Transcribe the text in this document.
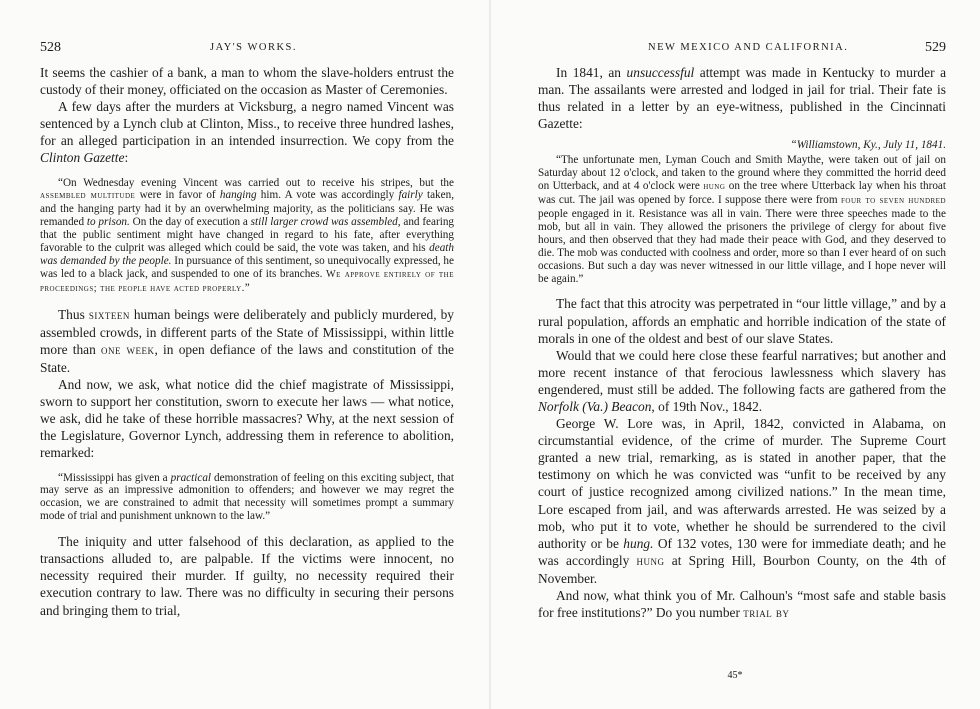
528	JAY'S WORKS.

It seems the cashier of a bank, a man to whom the slave-holders entrust the custody of their money, officiated on the occasion as Master of Ceremonies.

A few days after the murders at Vicksburg, a negro named Vincent was sentenced by a Lynch club at Clinton, Miss., to receive three hundred lashes, for an alleged participation in an intended insurrection. We copy from the Clinton Gazette:

“On Wednesday evening Vincent was carried out to receive his stripes, but the assembled multitude were in favor of hanging him. A vote was accordingly fairly taken, and the hanging party had it by an overwhelming majority, as the politicians say. He was remanded to prison. On the day of execution a still larger crowd was assembled, and fearing that the public sentiment might have changed in regard to his fate, after everything favorable to the culprit was alleged which could be said, the vote was taken, and his death was demanded by the people. In pursuance of this sentiment, so unequivocally expressed, he was led to a black jack, and suspended to one of its branches. We approve entirely of the proceedings; the people have acted properly.”

Thus sixteen human beings were deliberately and publicly murdered, by assembled crowds, in different parts of the State of Mississippi, within little more than one week, in open defiance of the laws and constitution of the State.

And now, we ask, what notice did the chief magistrate of Mississippi, sworn to support her constitution, sworn to execute her laws — what notice, we ask, did he take of these horrible massacres? Why, at the next session of the Legislature, Governor Lynch, addressing them in reference to abolition, remarked:

“Mississippi has given a practical demonstration of feeling on this exciting subject, that may serve as an impressive admonition to offenders; and however we may regret the occasion, we are constrained to admit that necessity will sometimes prompt a summary mode of trial and punishment unknown to the law.”

The iniquity and utter falsehood of this declaration, as applied to the transactions alluded to, are palpable. If the victims were innocent, no necessity required their murder. If guilty, no necessity required their execution contrary to law. There was no difficulty in securing their persons and bringing them to trial,

NEW MEXICO AND CALIFORNIA.	529

In 1841, an unsuccessful attempt was made in Kentucky to murder a man. The assailants were arrested and lodged in jail for trial. Their fate is thus related in a letter by an eye-witness, published in the Cincinnati Gazette:

“Williamstown, Ky., July 11, 1841.

“The unfortunate men, Lyman Couch and Smith Maythe, were taken out of jail on Saturday about 12 o'clock, and taken to the ground where they committed the horrid deed on Utterback, and at 4 o'clock were hung on the tree where Utterback lay when his throat was cut. The jail was opened by force. I suppose there were from four to seven hundred people engaged in it. Resistance was all in vain. There were three speeches made to the mob, but all in vain. They allowed the prisoners the privilege of clergy for about five hours, and then observed that they had made their peace with God, and they deserved to die. The mob was conducted with coolness and order, more so than I ever heard of on such occasions. But such a day was never witnessed in our little village, and I hope never will be again.”

The fact that this atrocity was perpetrated in “our little village,” and by a rural population, affords an emphatic and horrible indication of the state of morals in one of the oldest and best of our slave States.

Would that we could here close these fearful narratives; but another and more recent instance of that ferocious lawlessness which slavery has engendered, must still be added. The following facts are gathered from the Norfolk (Va.) Beacon, of 19th Nov., 1842.

George W. Lore was, in April, 1842, convicted in Alabama, on circumstantial evidence, of the crime of murder. The Supreme Court granted a new trial, remarking, as is stated in another paper, that the testimony on which he was convicted was “unfit to be received by any court of justice recognized among civilized nations.” In the mean time, Lore escaped from jail, and was afterwards arrested. He was seized by a mob, who put it to vote, whether he should be surrendered to the civil authority or be hung. Of 132 votes, 130 were for immediate death; and he was accordingly hung at Spring Hill, Bourbon County, on the 4th of November.

And now, what think you of Mr. Calhoun's “most safe and stable basis for free institutions?” Do you number trial by

45*
